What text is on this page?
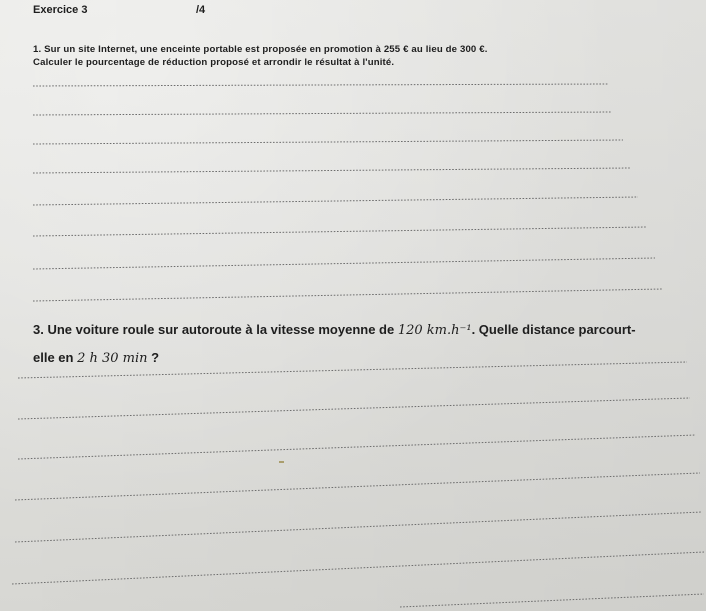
Exercice 3	/4
1. Sur un site Internet, une enceinte portable est proposée en promotion à 255 € au lieu de 300 €.
Calculer le pourcentage de réduction proposé et arrondir le résultat à l'unité.
3. Une voiture roule sur autoroute à la vitesse moyenne de 120 km.h⁻¹. Quelle distance parcourt-
elle en 2 h 30 min ?
